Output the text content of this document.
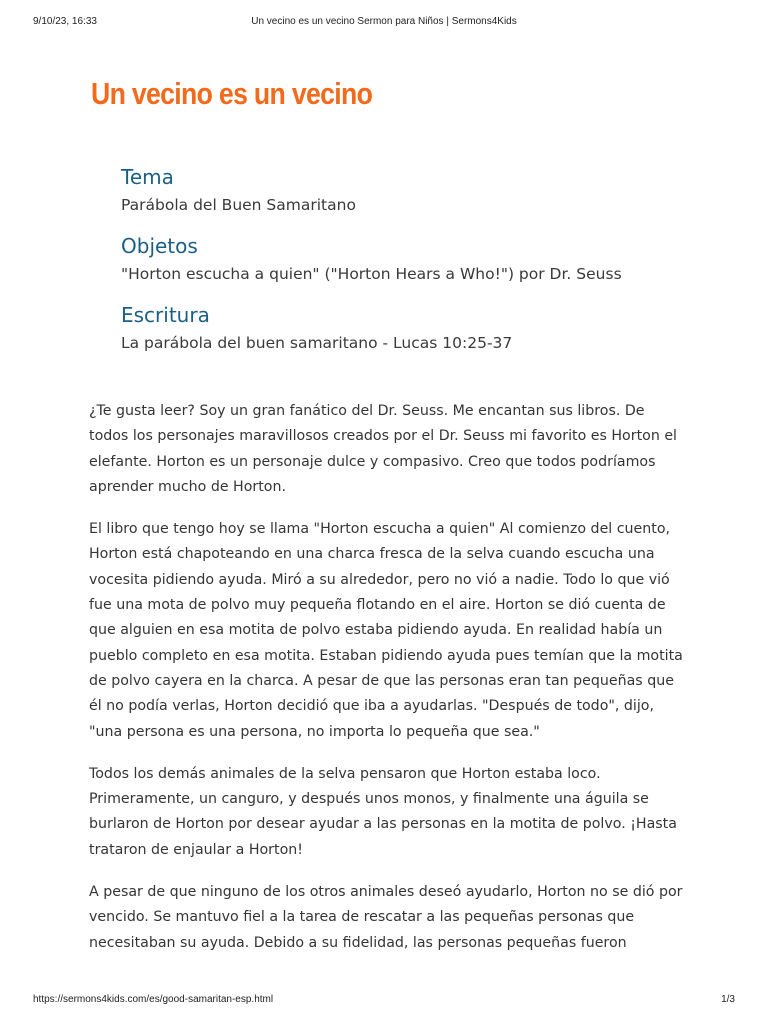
9/10/23, 16:33	Un vecino es un vecino Sermon para Niños | Sermons4Kids
Un vecino es un vecino
Tema

Parábola del Buen Samaritano

Objetos

"Horton escucha a quien" ("Horton Hears a Who!") por Dr. Seuss

Escritura

La parábola del buen samaritano - Lucas 10:25-37

¿Te gusta leer? Soy un gran fanático del Dr. Seuss. Me encantan sus libros. De todos los personajes maravillosos creados por el Dr. Seuss mi favorito es Horton el elefante. Horton es un personaje dulce y compasivo. Creo que todos podríamos aprender mucho de Horton.

El libro que tengo hoy se llama "Horton escucha a quien" Al comienzo del cuento, Horton está chapoteando en una charca fresca de la selva cuando escucha una vocesita pidiendo ayuda. Miró a su alrededor, pero no vió a nadie. Todo lo que vió fue una mota de polvo muy pequeña flotando en el aire. Horton se dió cuenta de que alguien en esa motita de polvo estaba pidiendo ayuda. En realidad había un pueblo completo en esa motita. Estaban pidiendo ayuda pues temían que la motita de polvo cayera en la charca. A pesar de que las personas eran tan pequeñas que él no podía verlas, Horton decidió que iba a ayudarlas. "Después de todo", dijo, "una persona es una persona, no importa lo pequeña que sea."

Todos los demás animales de la selva pensaron que Horton estaba loco. Primeramente, un canguro, y después unos monos, y finalmente una águila se burlaron de Horton por desear ayudar a las personas en la motita de polvo. ¡Hasta trataron de enjaular a Horton!

A pesar de que ninguno de los otros animales deseó ayudarlo, Horton no se dió por vencido. Se mantuvo fiel a la tarea de rescatar a las pequeñas personas que necesitaban su ayuda. Debido a su fidelidad, las personas pequeñas fueron

https://sermons4kids.com/es/good-samaritan-esp.html	1/3
